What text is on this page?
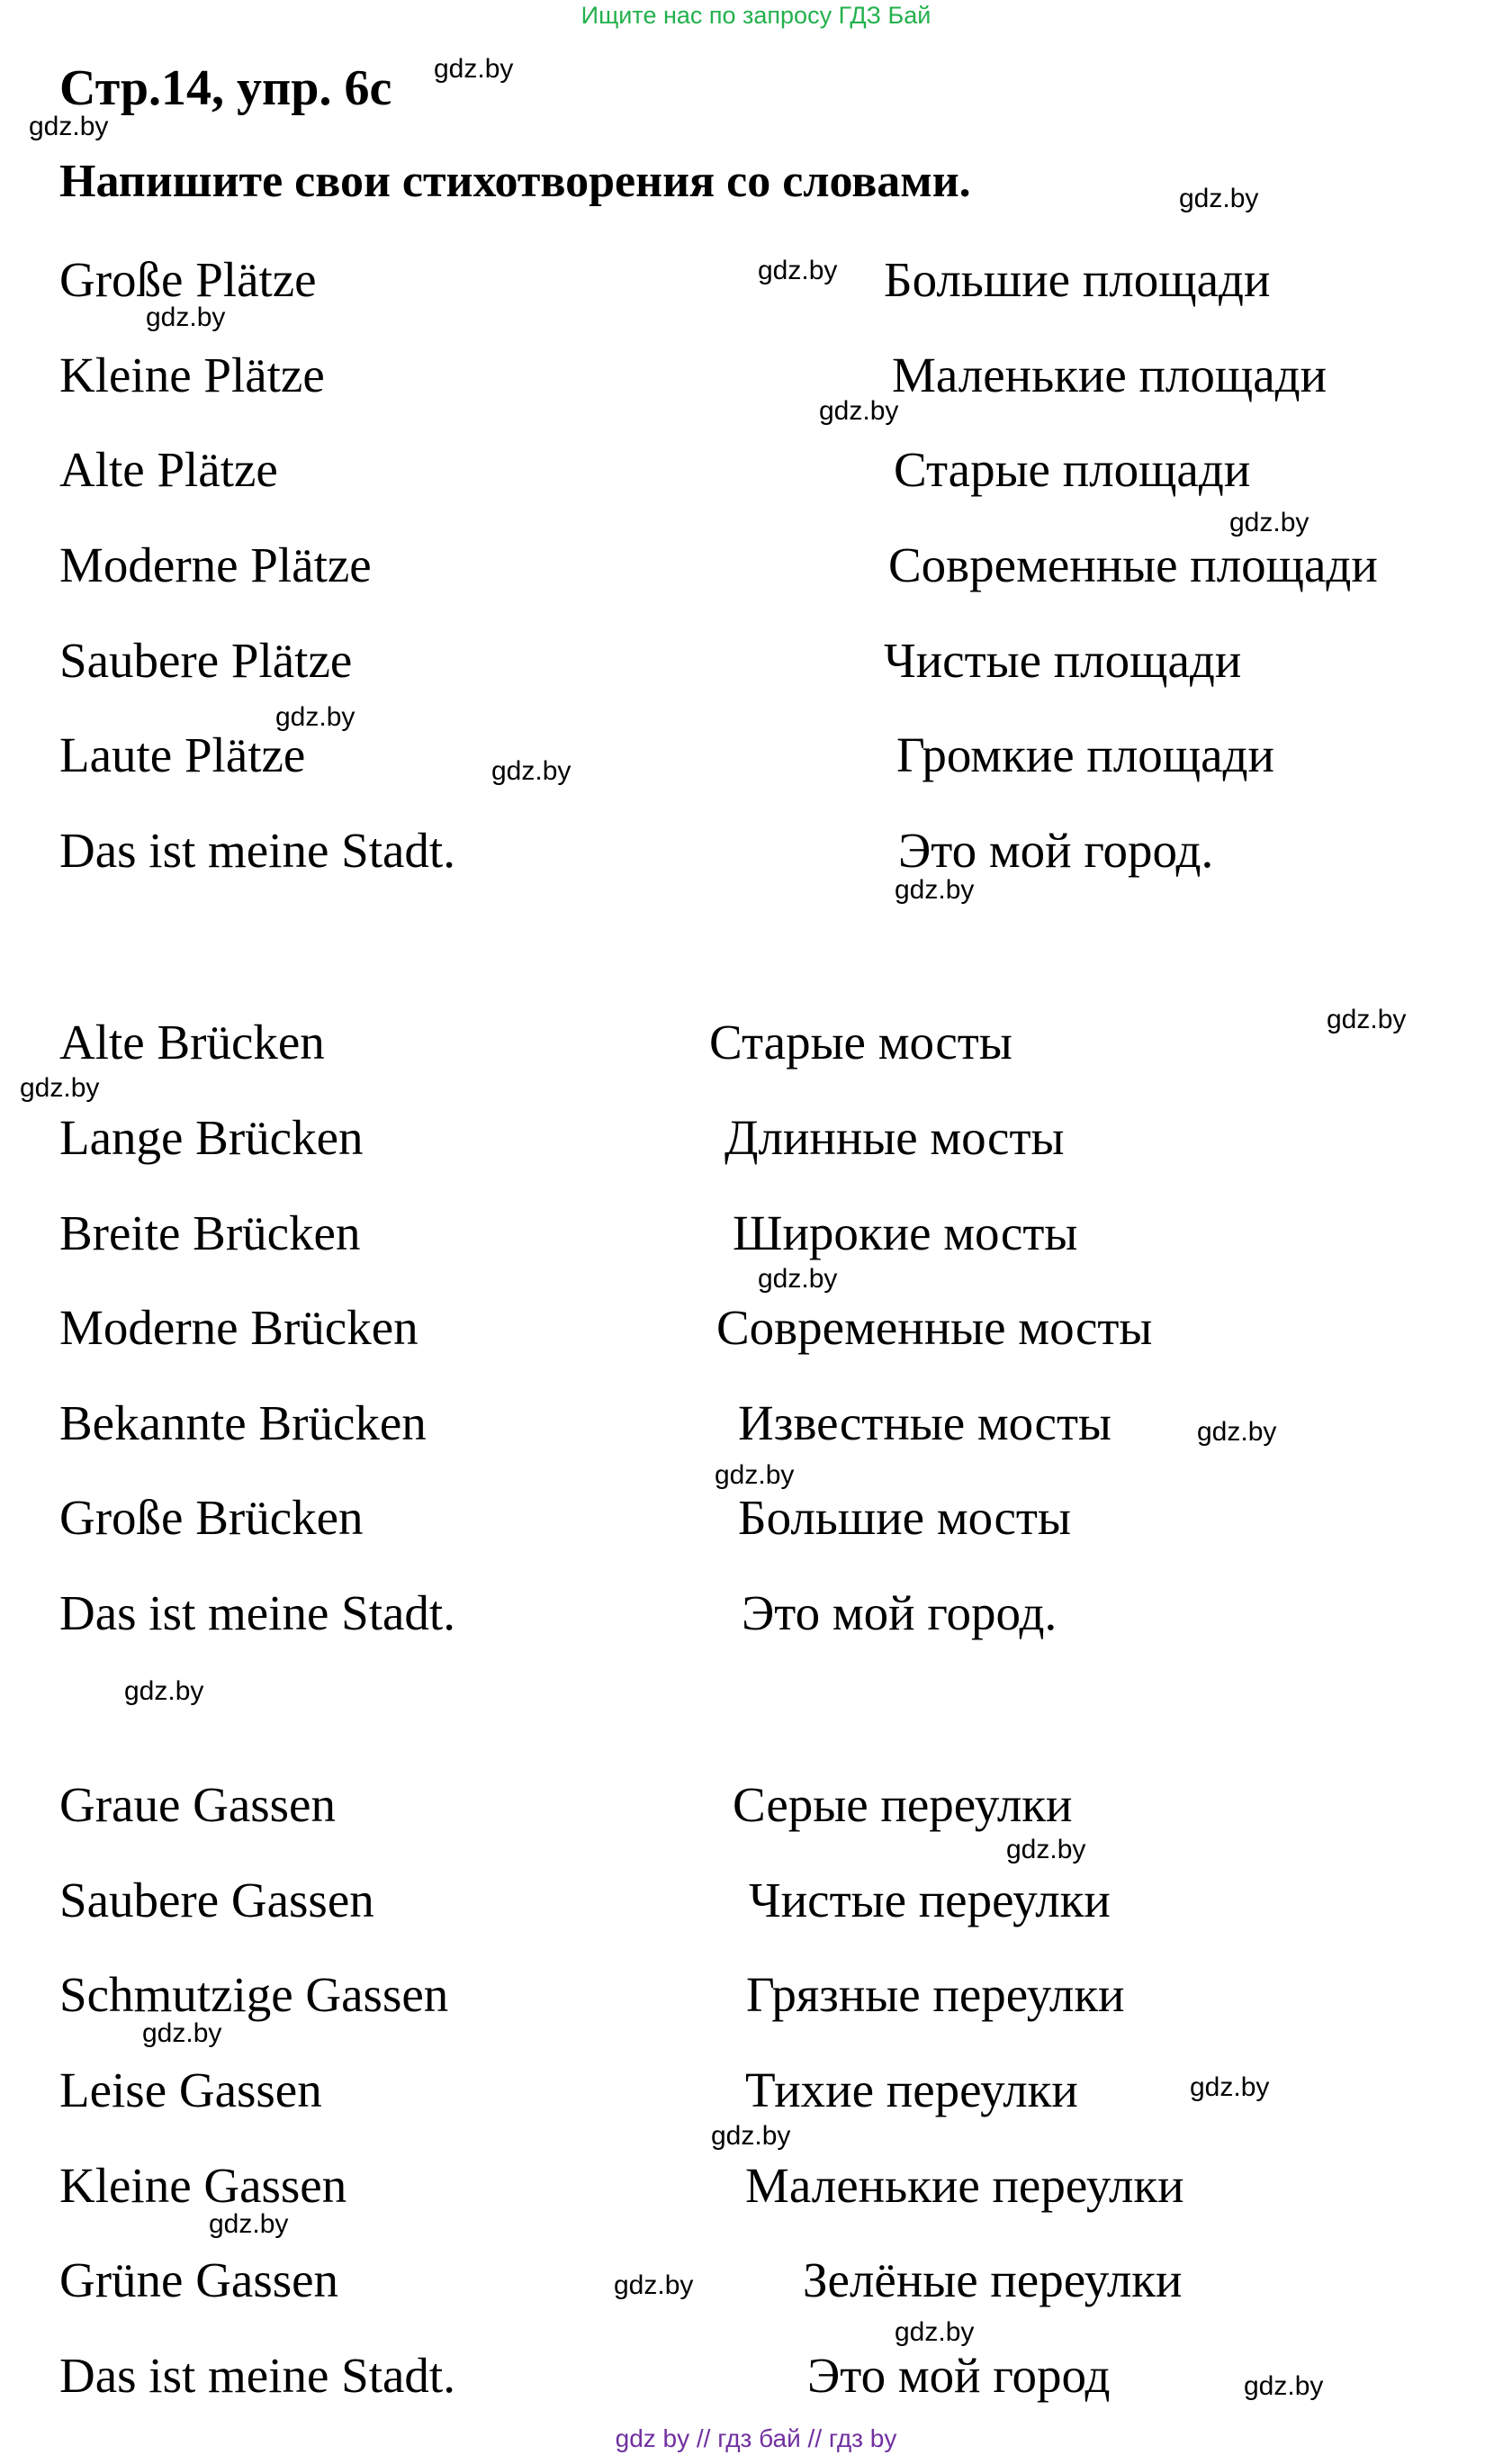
Ищите нас по запросу ГДЗ Бай
Стр.14, упр. 6с
Напишите свои стихотворения со словами.
Große Plätze
Kleine Plätze
Alte Plätze
Moderne Plätze
Saubere Plätze
Laute Plätze
Das ist meine Stadt.
Большие площади
Маленькие площади
Старые площади
Современные площади
Чистые площади
Громкие площади
Это мой город.
Alte Brücken
Lange Brücken
Breite Brücken
Moderne Brücken
Bekannte Brücken
Große Brücken
Das ist meine Stadt.
Старые мосты
Длинные мосты
Широкие мосты
Современные мосты
Известные мосты
Большие мосты
Это мой город.
Graue Gassen
Saubere Gassen
Schmutzige Gassen
Leise Gassen
Kleine Gassen
Grüne Gassen
Das ist meine Stadt.
Серые переулки
Чистые переулки
Грязные переулки
Тихие переулки
Маленькие переулки
Зелёные переулки
Это мой город
gdz.by
gdz.by
gdz.by
gdz.by
gdz.by
gdz.by
gdz.by
gdz.by
gdz.by
gdz.by
gdz.by
gdz.by
gdz.by
gdz.by
gdz.by
gdz.by
gdz.by
gdz.by
gdz.by
gdz.by
gdz.by
gdz.by
gdz.by
gdz.by
gdz by // гдз бай // гдз by
